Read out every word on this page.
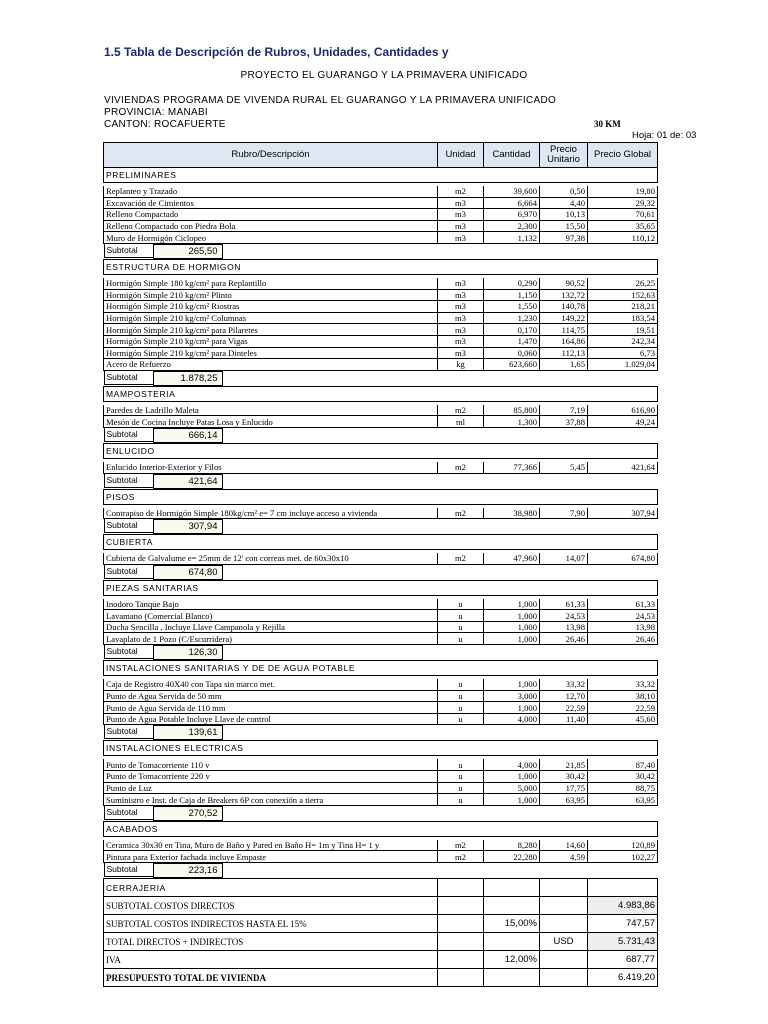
1.5 Tabla de Descripción de Rubros, Unidades, Cantidades y
PROYECTO EL GUARANGO Y LA PRIMAVERA UNIFICADO
VIVIENDAS PROGRAMA DE VIVENDA RURAL EL GUARANGO Y LA PRIMAVERA UNIFICADO
PROVINCIA: MANABI
CANTON: ROCAFUERTE	30 KM
Hoja: 01 de: 03
Rubro/Descripción	Unidad	Cantidad	Precio Unitario	Precio Global
PRELIMINARES				

Replanteo y Trazado	m2	39,600	0,50	19,80
Excavación de Cimientos	m3	6,664	4,40	29,32
Relleno Compactado	m3	6,970	10,13	70,61
Relleno Compactado con Piedra Bola	m3	2,300	15,50	35,65
Muro de Hormigón Ciclopeo	m3	1,132	97,38	110,12

Subtotal 265,50				

ESTRUCTURA DE HORMIGON				

Hormigón Simple 180 kg/cm² para Replantillo	m3	0,290	90,52	26,25
Hormigón Simple 210 kg/cm² Plinto	m3	1,150	132,72	152,63
Hormigón Simple 210 kg/cm² Riostras	m3	1,550	140,78	218,21
Hormigón Simple 210 kg/cm² Columnas	m3	1,230	149,22	183,54
Hormigón Simple 210 kg/cm² para Pilaretes	m3	0,170	114,75	19,51
Hormigón Simple 210 kg/cm² para Vigas	m3	1,470	164,86	242,34
Hormigón Simple 210 kg/cm² para Dinteles	m3	0,060	112,13	6,73
Acero de Refuerzo	kg	623,660	1,65	1.029,04

Subtotal 1.878,25				

MAMPOSTERIA				

Paredes de Ladrillo Maleta	m2	85,800	7,19	616,90
Mesón de Cocina Incluye Patas Losa y Enlucido	ml	1,300	37,88	49,24

Subtotal 666,14				

ENLUCIDO				

Enlucido Interior-Exterior y Filos	m2	77,366	5,45	421,64

Subtotal 421,64				

PISOS				

Contrapiso de Hormigón Simple 180kg/cm² e= 7 cm incluye acceso a vivienda	m2	38,980	7,90	307,94

Subtotal 307,94				

CUBIERTA				

Cubierta de Galvalume e= 25mm de 12' con correas met. de 60x30x10	m2	47,960	14,07	674,80

Subtotal 674,80				

PIEZAS SANITARIAS				

Inodoro Tanque Bajo	u	1,000	61,33	61,33
Lavamano (Comercial Blanco)	u	1,000	24,53	24,53
Ducha Sencilla , Incluye Llave Campanola y Rejilla	u	1,000	13,98	13,98
Lavaplato de 1 Pozo (C/Escurridera)	u	1,000	26,46	26,46

Subtotal 126,30				

INSTALACIONES SANITARIAS Y DE DE AGUA POTABLE				

Caja de Registro 40X40 con Tapa sin marco met.	u	1,000	33,32	33,32
Punto de Agua Servida de 50 mm	u	3,000	12,70	38,10
Punto de Agua Servida de 110 mm	u	1,000	22,59	22,59
Punto de Agua Potable Incluye Llave de control	u	4,000	11,40	45,60

Subtotal 139,61				

INSTALACIONES ELECTRICAS				

Punto de Tomacorriente 110 v	u	4,000	21,85	87,40
Punto de Tomacorriente 220 v	u	1,000	30,42	30,42
Punto de Luz	u	5,000	17,75	88,75
Suministro e Inst. de Caja de Breakers 6P con conexión a tierra	u	1,000	63,95	63,95

Subtotal 270,52				

ACABADOS				

Ceramica 30x30 en Tina, Muro de Baño y Pared en Baño H= 1m y Tina H= 1 y	m2	8,280	14,60	120,89
Pintura para Exterior fachada incluye Empaste	m2	22,280	4,59	102,27

Subtotal 223,16				

CERRAJERIA				
SUBTOTAL COSTOS DIRECTOS				4.983,86
SUBTOTAL COSTOS INDIRECTOS HASTA EL 15%		15,00%		747,57
TOTAL DIRECTOS + INDIRECTOS			USD	5.731,43
IVA		12,00%		687,77
PRESUPUESTO TOTAL DE VIVIENDA				6.419,20
